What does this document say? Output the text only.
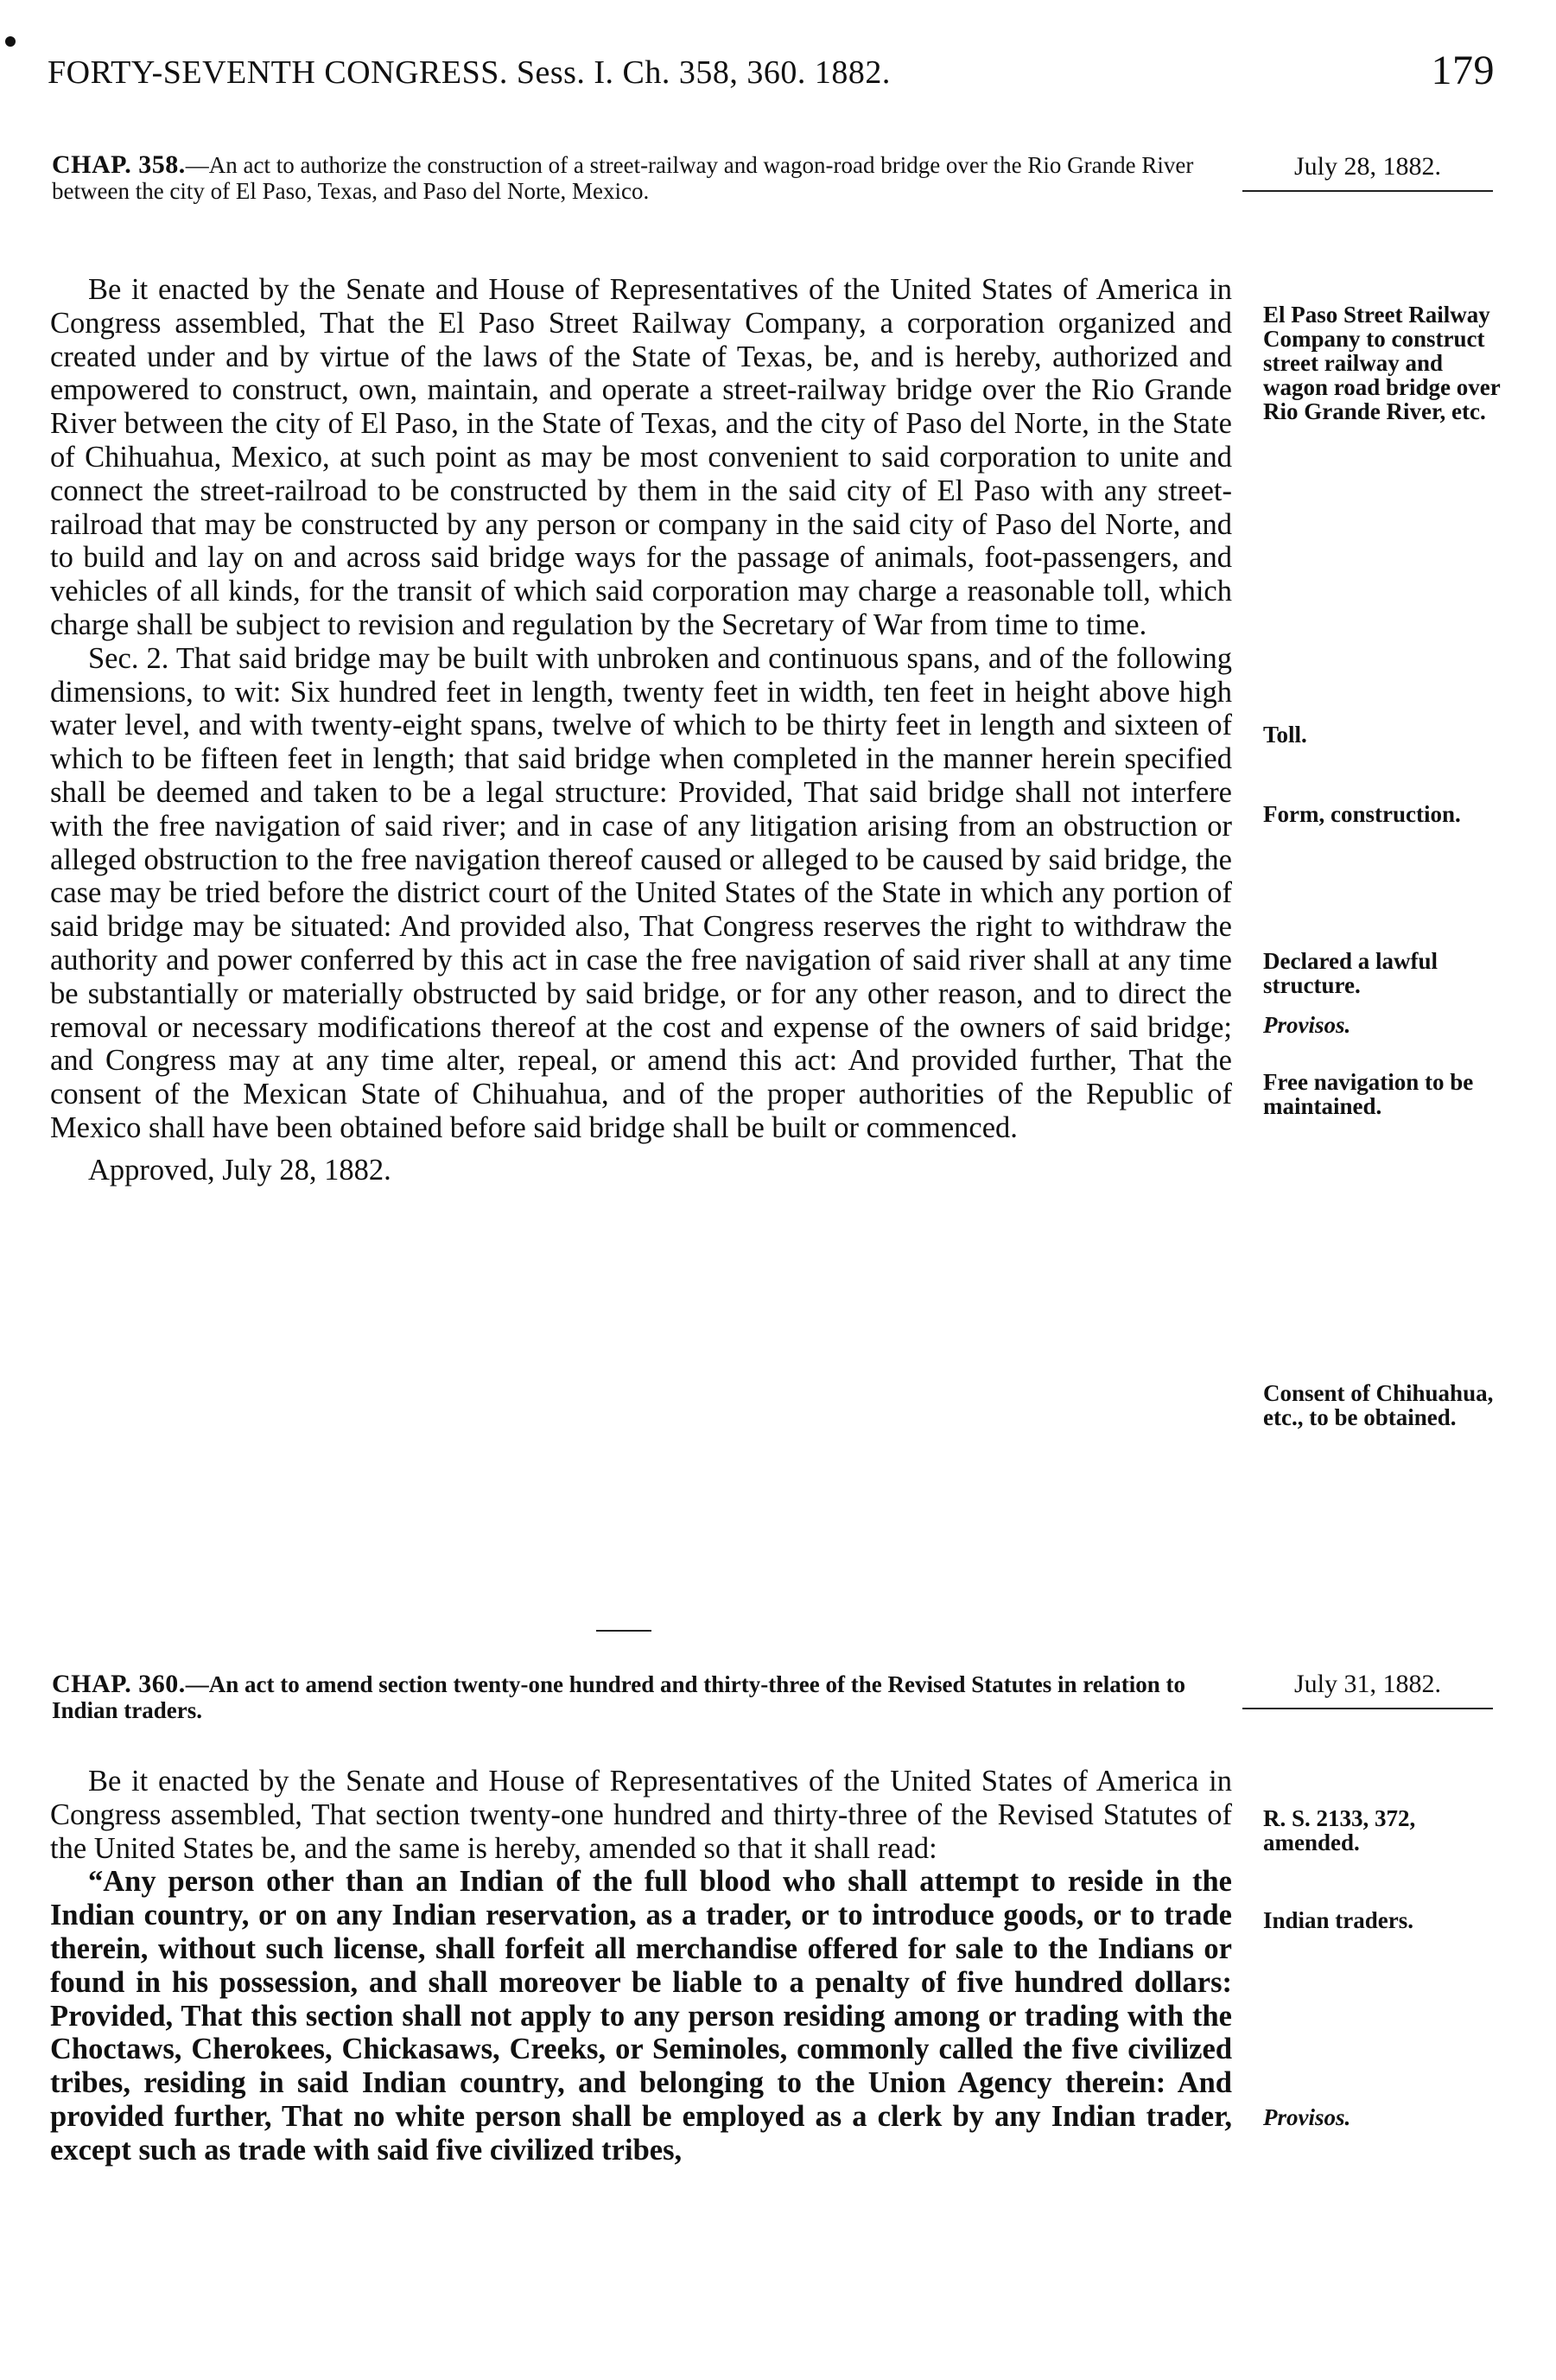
FORTY-SEVENTH CONGRESS. Sess. I. Ch. 358, 360. 1882.	179
CHAP. 358.—An act to authorize the construction of a street-railway and wagon-road bridge over the Rio Grande River between the city of El Paso, Texas, and Paso del Norte, Mexico.
July 28, 1882.

Be it enacted by the Senate and House of Representatives of the United States of America in Congress assembled, That the El Paso Street Railway Company, a corporation organized and created under and by virtue of the laws of the State of Texas, be, and is hereby, authorized and empowered to construct, own, maintain, and operate a street-railway bridge over the Rio Grande River between the city of El Paso, in the State of Texas, and the city of Paso del Norte, in the State of Chihuahua, Mexico, at such point as may be most convenient to said corporation to unite and connect the street-railroad to be constructed by them in the said city of El Paso with any street-railroad that may be constructed by any person or company in the said city of Paso del Norte, and to build and lay on and across said bridge ways for the passage of animals, foot-passengers, and vehicles of all kinds, for the transit of which said corporation may charge a reasonable toll, which charge shall be subject to revision and regulation by the Secretary of War from time to time.

Sec. 2. That said bridge may be built with unbroken and continuous spans, and of the following dimensions, to wit: Six hundred feet in length, twenty feet in width, ten feet in height above high water level, and with twenty-eight spans, twelve of which to be thirty feet in length and sixteen of which to be fifteen feet in length; that said bridge when completed in the manner herein specified shall be deemed and taken to be a legal structure: Provided, That said bridge shall not interfere with the free navigation of said river; and in case of any litigation arising from an obstruction or alleged obstruction to the free navigation thereof caused or alleged to be caused by said bridge, the case may be tried before the district court of the United States of the State in which any portion of said bridge may be situated: And provided also, That Congress reserves the right to withdraw the authority and power conferred by this act in case the free navigation of said river shall at any time be substantially or materially obstructed by said bridge, or for any other reason, and to direct the removal or necessary modifications thereof at the cost and expense of the owners of said bridge; and Congress may at any time alter, repeal, or amend this act: And provided further, That the consent of the Mexican State of Chihuahua, and of the proper authorities of the Republic of Mexico shall have been obtained before said bridge shall be built or commenced.

Approved, July 28, 1882.

El Paso Street Railway Company to construct street railway and wagon road bridge over Rio Grande River, etc.
Toll.
Form, construction.
Declared a lawful structure.
Provisos.
Free navigation to be maintained.
Consent of Chihuahua, etc., to be obtained.
CHAP. 360.—An act to amend section twenty-one hundred and thirty-three of the Revised Statutes in relation to Indian traders.
July 31, 1882.

Be it enacted by the Senate and House of Representatives of the United States of America in Congress assembled, That section twenty-one hundred and thirty-three of the Revised Statutes of the United States be, and the same is hereby, amended so that it shall read:

“Any person other than an Indian of the full blood who shall attempt to reside in the Indian country, or on any Indian reservation, as a trader, or to introduce goods, or to trade therein, without such license, shall forfeit all merchandise offered for sale to the Indians or found in his possession, and shall moreover be liable to a penalty of five hundred dollars: Provided, That this section shall not apply to any person residing among or trading with the Choctaws, Cherokees, Chickasaws, Creeks, or Seminoles, commonly called the five civilized tribes, residing in said Indian country, and belonging to the Union Agency therein: And provided further, That no white person shall be employed as a clerk by any Indian trader, except such as trade with said five civilized tribes,

R. S. 2133, 372, amended.
Indian traders.
Provisos.
